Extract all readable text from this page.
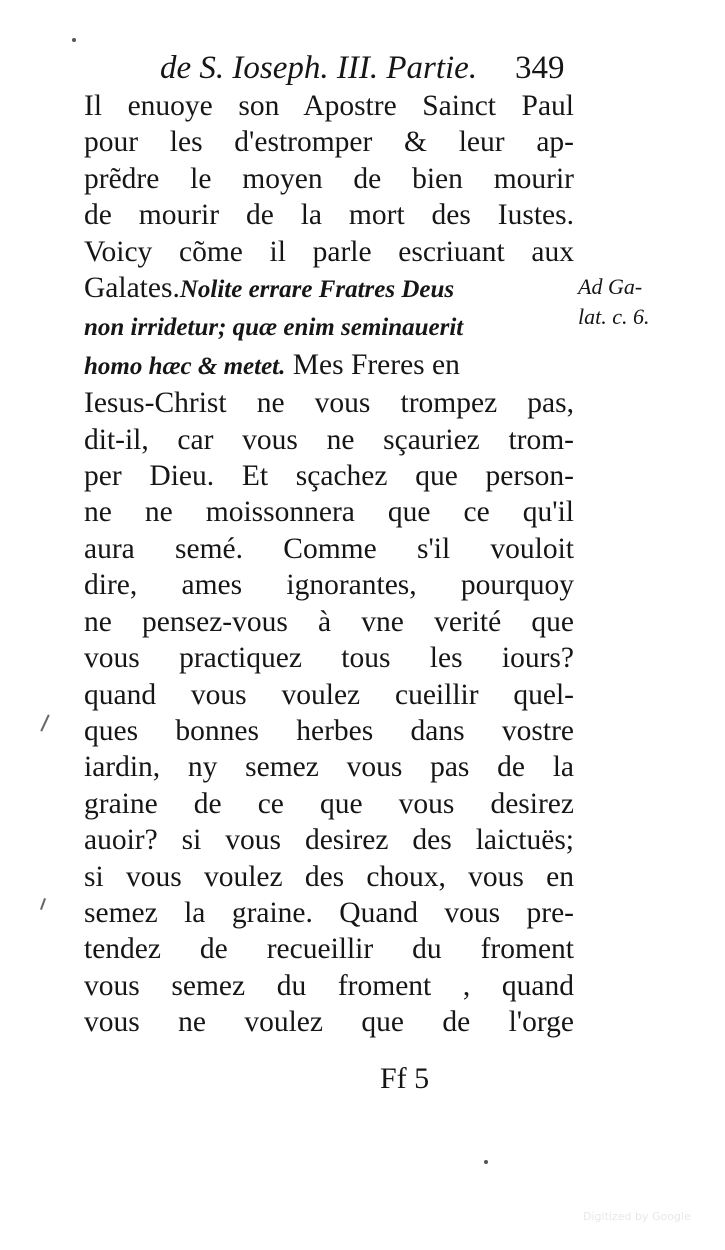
de S. Ioseph. III. Partie. 349
Il enuoye son Apostre Sainct Paul
pour les d'estromper & leur ap-
prẽdre le moyen de bien mourir
de mourir de la mort des Iustes.
Voicy cõme il parle escriuant aux
Galates.Nolite errare Fratres Deus
non irridetur; quæ enim seminauerit
homo hæc & metet. Mes Freres en
Iesus-Christ ne vous trompez pas,
dit-il, car vous ne sçauriez trom-
per Dieu. Et sçachez que person-
ne ne moissonnera que ce qu'il
aura semé. Comme s'il vouloit
dire, ames ignorantes, pourquoy
ne pensez-vous à vne verité que
vous practiquez tous les iours?
quand vous voulez cueillir quel-
ques bonnes herbes dans vostre
iardin, ny semez vous pas de la
graine de ce que vous desirez
auoir? si vous desirez des laictuës;
si vous voulez des choux, vous en
semez la graine. Quand vous pre-
tendez de recueillir du froment
vous semez du froment , quand
vous ne voulez que de l'orge
Ad Ga-
lat. c. 6.
Ff 5
Digitized by Google
